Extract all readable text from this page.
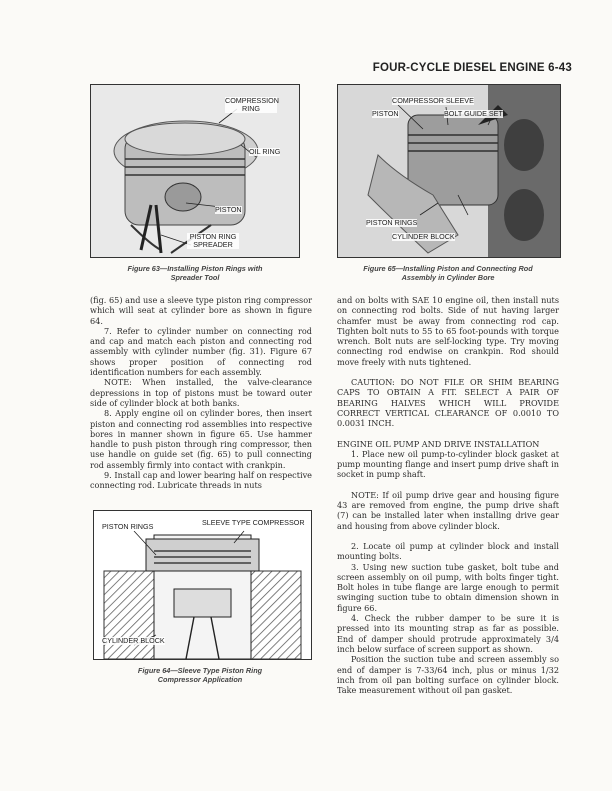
FOUR-CYCLE DIESEL ENGINE 6-43
COMPRESSION RING
OIL RING
PISTON
PISTON RING SPREADER
Figure 63—Installing Piston Rings with Spreader Tool
COMPRESSOR SLEEVE
PISTON	BOLT GUIDE SET
PISTON RINGS
CYLINDER BLOCK
Figure 65—Installing Piston and Connecting Rod Assembly in Cylinder Bore

(fig. 65) and use a sleeve type piston ring compressor which will seat at cylinder bore as shown in figure 64.

7. Refer to cylinder number on connecting rod and cap and match each piston and connecting rod assembly with cylinder number (fig. 31). Figure 67 shows proper position of connecting rod identification numbers for each assembly.

NOTE: When installed, the valve-clearance depressions in top of pistons must be toward outer side of cylinder block at both banks.

8. Apply engine oil on cylinder bores, then insert piston and connecting rod assemblies into respective bores in manner shown in figure 65. Use hammer handle to push piston through ring compressor, then use handle on guide set (fig. 65) to pull connecting rod assembly firmly into contact with crankpin.

9. Install cap and lower bearing half on respective connecting rod. Lubricate threads in nuts

PISTON RINGS	SLEEVE TYPE COMPRESSOR
CYLINDER BLOCK
Figure 64—Sleeve Type Piston Ring Compressor Application

and on bolts with SAE 10 engine oil, then install nuts on connecting rod bolts. Side of nut having larger chamfer must be away from connecting rod cap. Tighten bolt nuts to 55 to 65 foot-pounds with torque wrench. Bolt nuts are self-locking type. Try moving connecting rod endwise on crankpin. Rod should move freely with nuts tightened.

CAUTION: DO NOT FILE OR SHIM BEARING CAPS TO OBTAIN A FIT. SELECT A PAIR OF BEARING HALVES WHICH WILL PROVIDE CORRECT VERTICAL CLEARANCE OF 0.0010 TO 0.0031 INCH.

ENGINE OIL PUMP AND DRIVE INSTALLATION

1. Place new oil pump-to-cylinder block gasket at pump mounting flange and insert pump drive shaft in socket in pump shaft.

NOTE: If oil pump drive gear and housing figure 43 are removed from engine, the pump drive shaft (7) can be installed later when installing drive gear and housing from above cylinder block.

2. Locate oil pump at cylinder block and install mounting bolts.

3. Using new suction tube gasket, bolt tube and screen assembly on oil pump, with bolts finger tight. Bolt holes in tube flange are large enough to permit swinging suction tube to obtain dimension shown in figure 66.

4. Check the rubber damper to be sure it is pressed into its mounting strap as far as possible. End of damper should protrude approximately 3/4 inch below surface of screen support as shown.

Position the suction tube and screen assembly so end of damper is 7-33/64 inch, plus or minus 1/32 inch from oil pan bolting surface on cylinder block. Take measurement without oil pan gasket.
